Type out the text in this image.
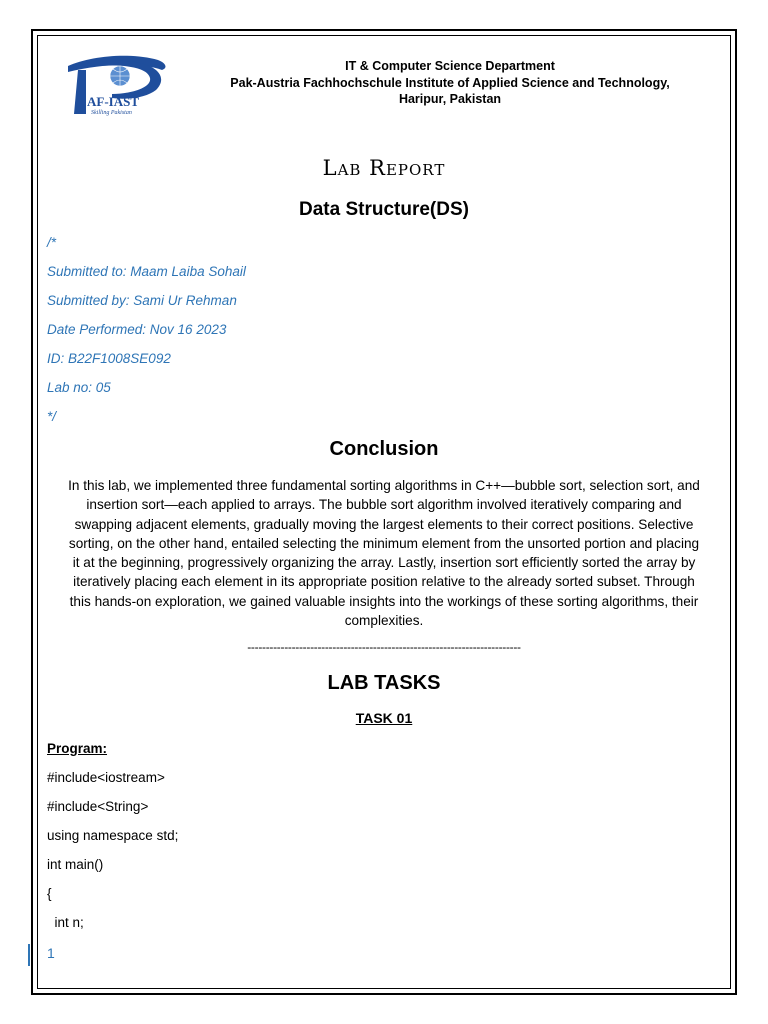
AF-IAST
Skilling Pakistan
IT & Computer Science Department
Pak-Austria Fachhochschule Institute of Applied Science and Technology,
Haripur, Pakistan
Lab Report
Data Structure(DS)
/*
Submitted to: Maam Laiba Sohail
Submitted by: Sami Ur Rehman
Date Performed: Nov 16 2023
ID: B22F1008SE092
Lab no: 05
*/
Conclusion
In this lab, we implemented three fundamental sorting algorithms in C++—bubble sort, selection sort, and
insertion sort—each applied to arrays. The bubble sort algorithm involved iteratively comparing and
swapping adjacent elements, gradually moving the largest elements to their correct positions. Selective
sorting, on the other hand, entailed selecting the minimum element from the unsorted portion and placing
it at the beginning, progressively organizing the array. Lastly, insertion sort efficiently sorted the array by
iteratively placing each element in its appropriate position relative to the already sorted subset. Through
this hands-on exploration, we gained valuable insights into the workings of these sorting algorithms, their
complexities.
--------------------------------------------------------------------------
LAB TASKS
TASK 01
Program:
#include<iostream>
#include<String>
using namespace std;
int main()
{
int n;
1
